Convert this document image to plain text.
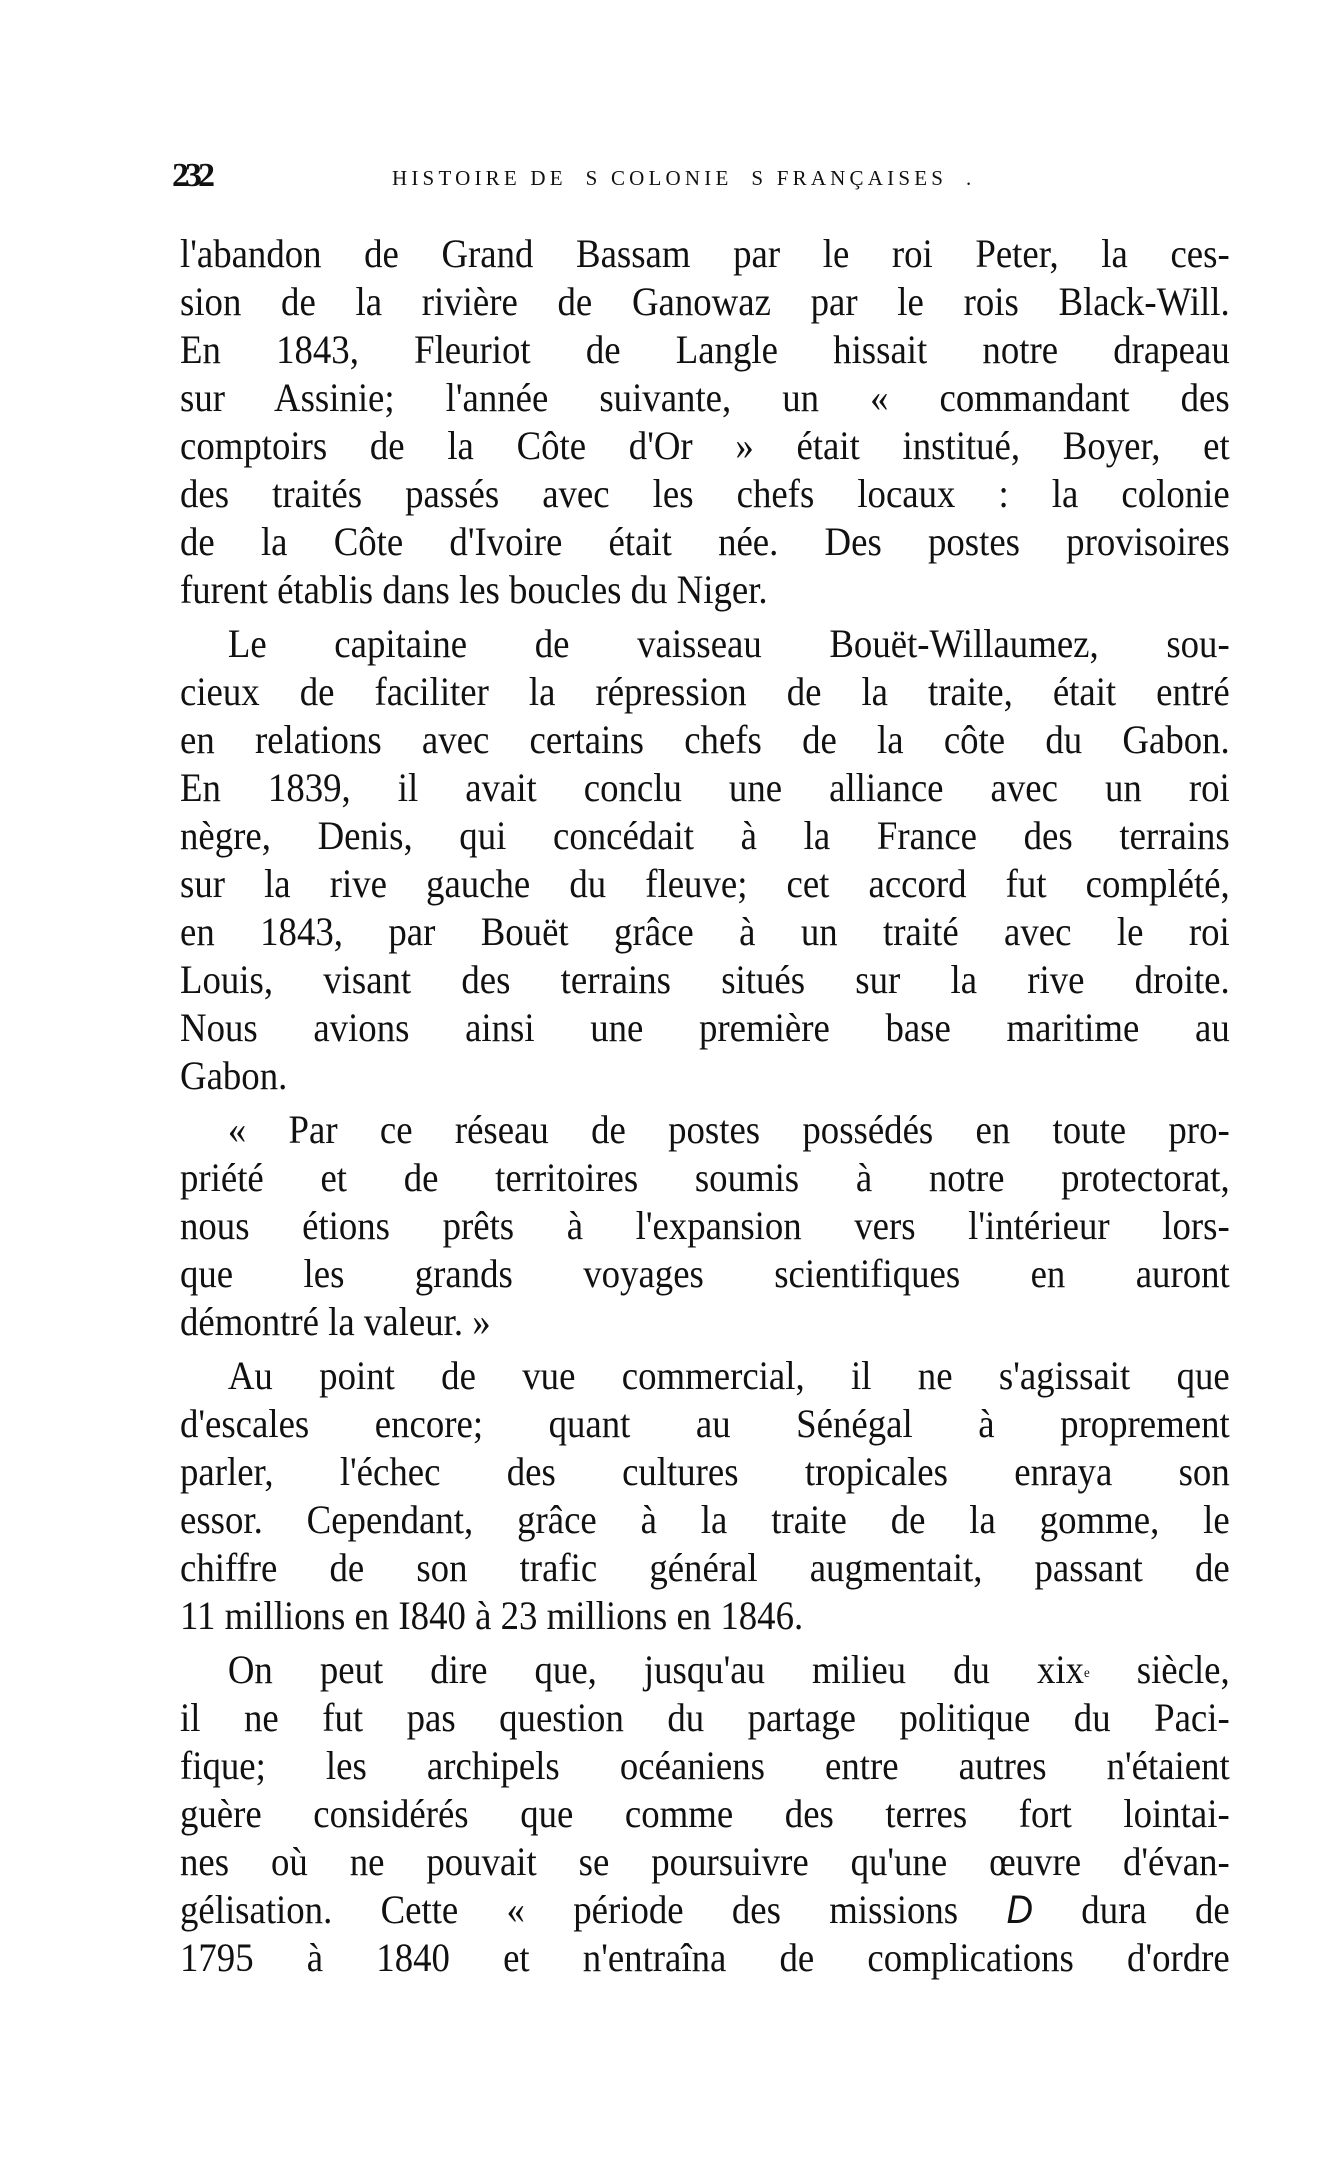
232	HISTOIRE DE  S COLONIE  S FRANÇAISES  .
l'abandon de Grand Bassam par le roi Peter, la ces-
sion de la rivière de Ganowaz par le rois Black-Will.
En 1843, Fleuriot de Langle hissait notre drapeau
sur Assinie; l'année suivante, un « commandant des
comptoirs de la Côte d'Or » était institué, Boyer, et
des traités passés avec les chefs locaux : la colonie
de la Côte d'Ivoire était née. Des postes provisoires
furent établis dans les boucles du Niger.
Le capitaine de vaisseau Bouët-Willaumez, sou-
cieux de faciliter la répression de la traite, était entré
en relations avec certains chefs de la côte du Gabon.
En 1839, il avait conclu une alliance avec un roi
nègre, Denis, qui concédait à la France des terrains
sur la rive gauche du fleuve; cet accord fut complété,
en 1843, par Bouët grâce à un traité avec le roi
Louis, visant des terrains situés sur la rive droite.
Nous avions ainsi une première base maritime au
Gabon.
« Par ce réseau de postes possédés en toute pro-
priété et de territoires soumis à notre protectorat,
nous étions prêts à l'expansion vers l'intérieur lors-
que les grands voyages scientifiques en auront
démontré la valeur. »
Au point de vue commercial, il ne s'agissait que
d'escales encore; quant au Sénégal à proprement
parler, l'échec des cultures tropicales enraya son
essor. Cependant, grâce à la traite de la gomme, le
chiffre de son trafic général augmentait, passant de
11 millions en I840 à 23 millions en 1846.
On peut dire que, jusqu'au milieu du xix$^e$ siècle,
il ne fut pas question du partage politique du Paci-
fique; les archipels océaniens entre autres n'étaient
guère considérés que comme des terres fort lointai-
nes où ne pouvait se poursuivre qu'une œuvre d'évan-
gélisation. Cette « période des missions D dura de
1795 à 1840 et n'entraîna de complications d'ordre
